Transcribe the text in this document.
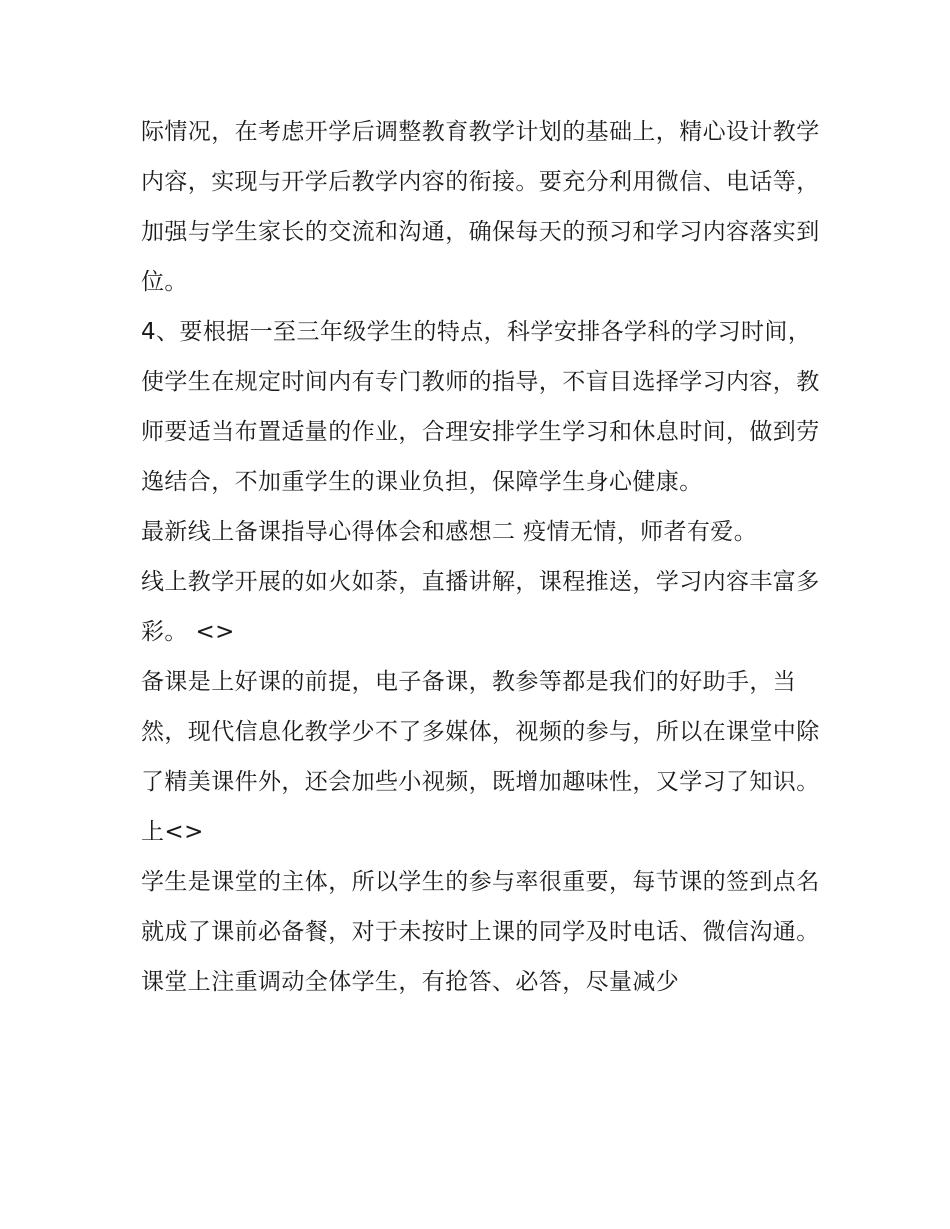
际情况，在考虑开学后调整教育教学计划的基础上，精心设计教学内容，实现与开学后教学内容的衔接。要充分利用微信、电话等，加强与学生家长的交流和沟通，确保每天的预习和学习内容落实到位。

4、要根据一至三年级学生的特点，科学安排各学科的学习时间，使学生在规定时间内有专门教师的指导，不盲目选择学习内容，教师要适当布置适量的作业，合理安排学生学习和休息时间，做到劳逸结合，不加重学生的课业负担，保障学生身心健康。

最新线上备课指导心得体会和感想二 疫情无情，师者有爱。

线上教学开展的如火如荼，直播讲解，课程推送，学习内容丰富多彩。 <>

备课是上好课的前提，电子备课，教参等都是我们的好助手，当然，现代信息化教学少不了多媒体，视频的参与，所以在课堂中除了精美课件外，还会加些小视频，既增加趣味性，又学习了知识。

上<>

学生是课堂的主体，所以学生的参与率很重要，每节课的签到点名就成了课前必备餐，对于未按时上课的同学及时电话、微信沟通。课堂上注重调动全体学生，有抢答、必答，尽量减少
